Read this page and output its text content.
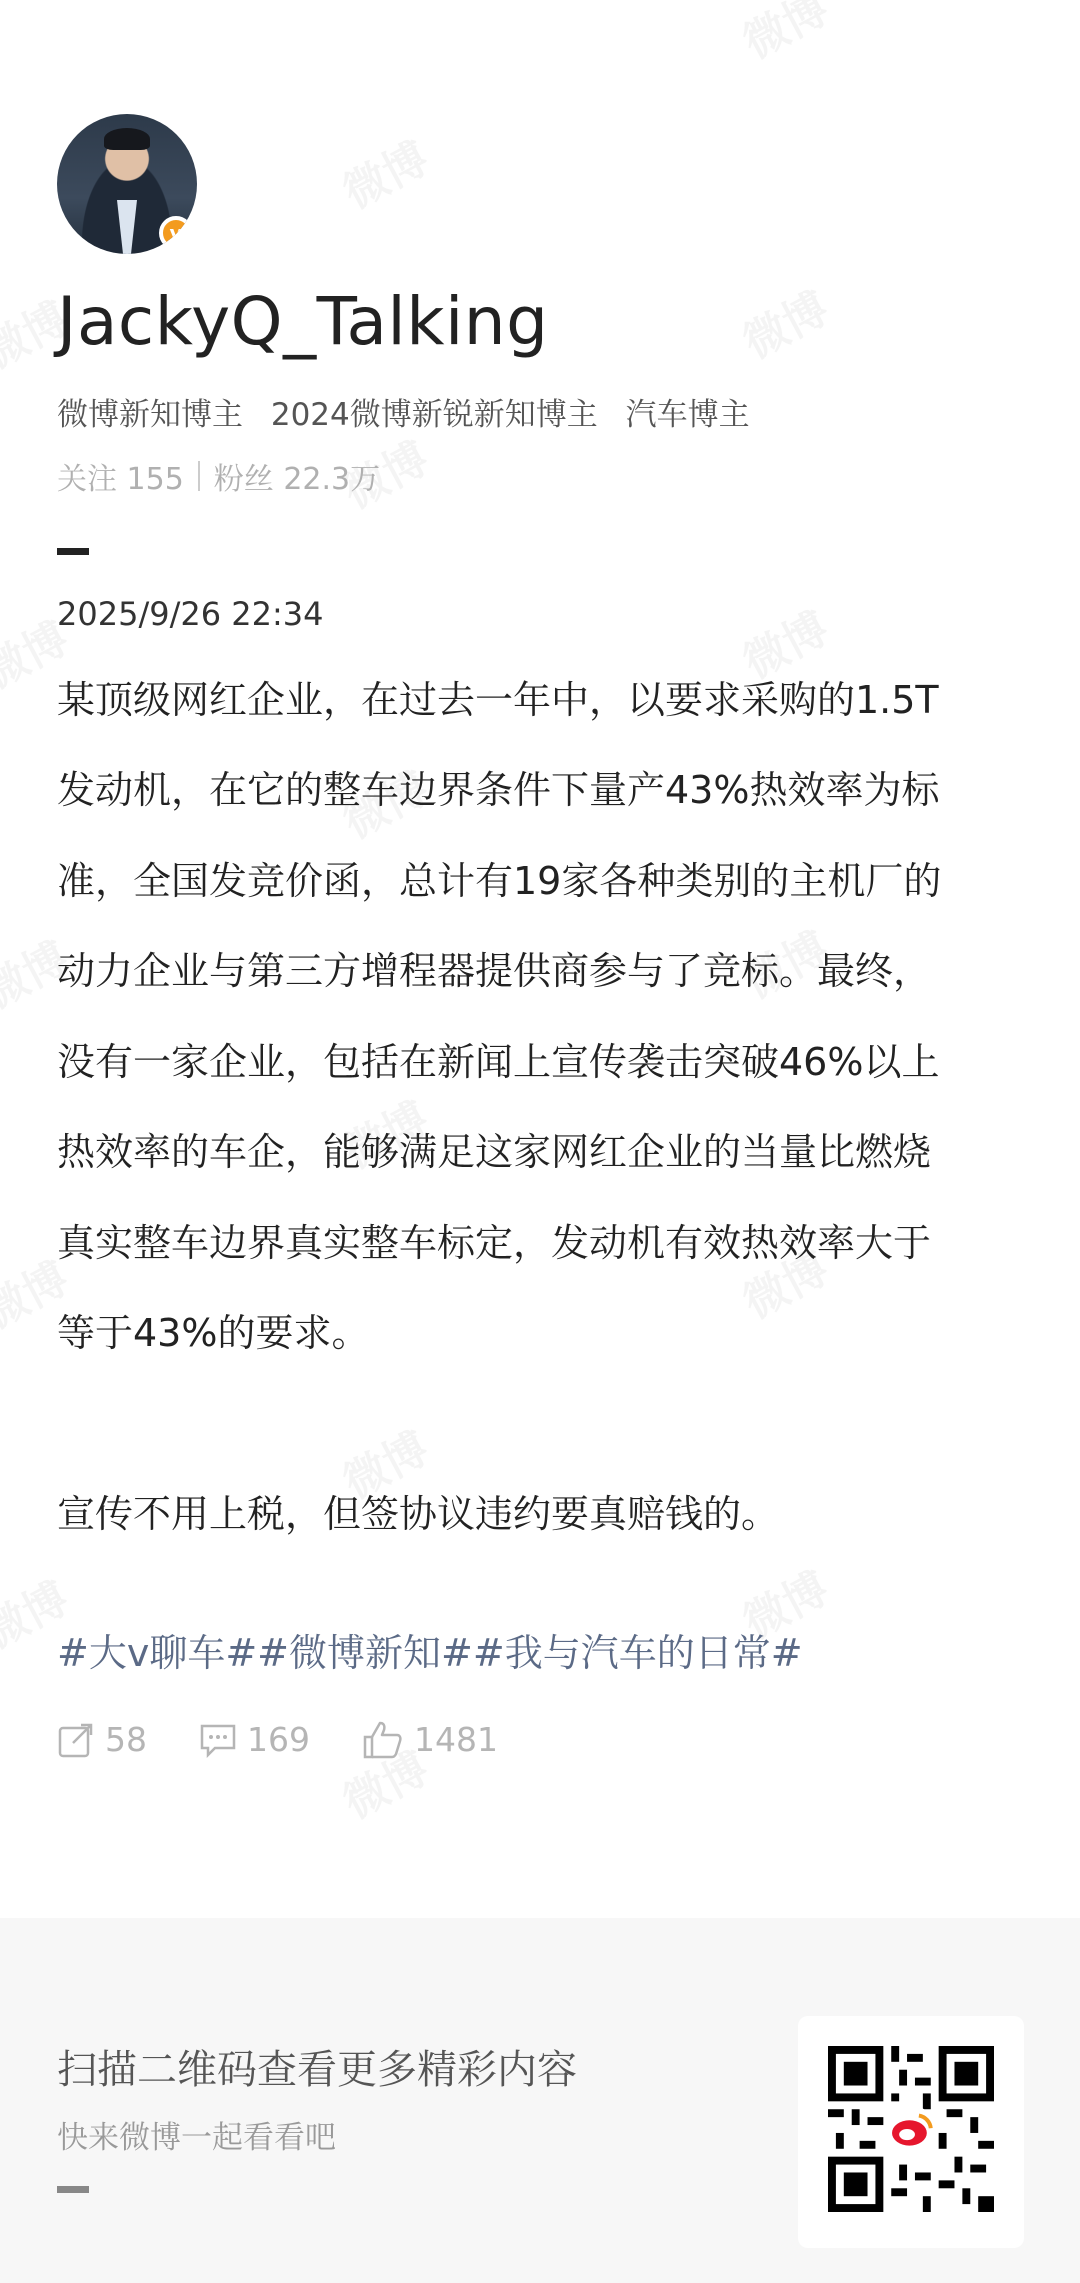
v
JackyQ_Talking
微博新知博主 2024微博新锐新知博主 汽车博主
关注 155 粉丝 22.3万
2025/9/26 22:34
某顶级网红企业，在过去一年中，以要求采购的1.5T
发动机，在它的整车边界条件下量产43%热效率为标
准，全国发竞价函，总计有19家各种类别的主机厂的
动力企业与第三方增程器提供商参与了竞标。最终，
没有一家企业，包括在新闻上宣传袭击突破46%以上
热效率的车企，能够满足这家网红企业的当量比燃烧
真实整车边界真实整车标定，发动机有效热效率大于
等于43%的要求。

宣传不用上税，但签协议违约要真赔钱的。
#大v聊车##微博新知##我与汽车的日常#
58	169	1481
扫描二维码查看更多精彩内容
快来微博一起看看吧
